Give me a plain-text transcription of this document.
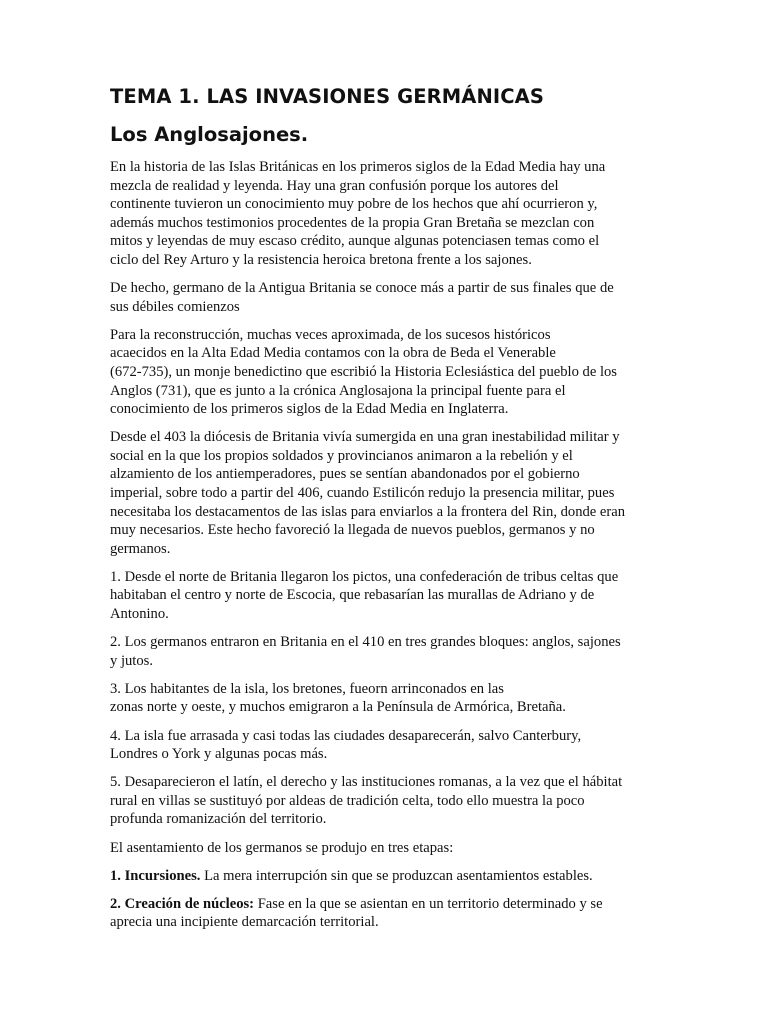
TEMA 1. LAS INVASIONES GERMÁNICAS
Los Anglosajones.

En la historia de las Islas Británicas en los primeros siglos de la Edad Media hay una
mezcla de realidad y leyenda. Hay una gran confusión porque los autores del
continente tuvieron un conocimiento muy pobre de los hechos que ahí ocurrieron y,
además muchos testimonios procedentes de la propia Gran Bretaña se mezclan con
mitos y leyendas de muy escaso crédito, aunque algunas potenciasen temas como el
ciclo del Rey Arturo y la resistencia heroica bretona frente a los sajones.

De hecho, germano de la Antigua Britania se conoce más a partir de sus finales que de
sus débiles comienzos

Para la reconstrucción, muchas veces aproximada, de los sucesos históricos
acaecidos en la Alta Edad Media contamos con la obra de Beda el Venerable
(672-735), un monje benedictino que escribió la Historia Eclesiástica del pueblo de los
Anglos (731), que es junto a la crónica Anglosajona la principal fuente para el
conocimiento de los primeros siglos de la Edad Media en Inglaterra.

Desde el 403 la diócesis de Britania vivía sumergida en una gran inestabilidad militar y
social en la que los propios soldados y provincianos animaron a la rebelión y el
alzamiento de los antiemperadores, pues se sentían abandonados por el gobierno
imperial, sobre todo a partir del 406, cuando Estilicón redujo la presencia militar, pues
necesitaba los destacamentos de las islas para enviarlos a la frontera del Rin, donde eran
muy necesarios. Este hecho favoreció la llegada de nuevos pueblos, germanos y no
germanos.

1. Desde el norte de Britania llegaron los pictos, una confederación de tribus celtas que
habitaban el centro y norte de Escocia, que rebasarían las murallas de Adriano y de
Antonino.

2. Los germanos entraron en Britania en el 410 en tres grandes bloques: anglos, sajones
y jutos.

3. Los habitantes de la isla, los bretones, fueorn arrinconados en las
zonas norte y oeste, y muchos emigraron a la Península de Armórica, Bretaña.

4. La isla fue arrasada y casi todas las ciudades desaparecerán, salvo Canterbury,
Londres o York y algunas pocas más.

5. Desaparecieron el latín, el derecho y las instituciones romanas, a la vez que el hábitat
rural en villas se sustituyó por aldeas de tradición celta, todo ello muestra la poco
profunda romanización del territorio.

El asentamiento de los germanos se produjo en tres etapas:

1. Incursiones. La mera interrupción sin que se produzcan asentamientos estables.

2. Creación de núcleos: Fase en la que se asientan en un territorio determinado y se
aprecia una incipiente demarcación territorial.
